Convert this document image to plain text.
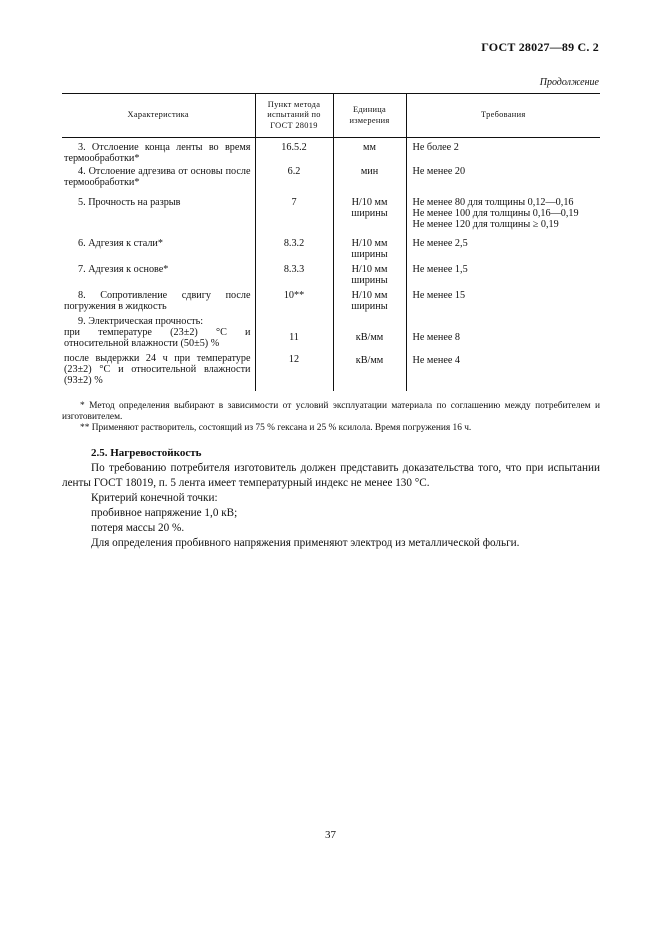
ГОСТ 28027—89 С. 2
Продолжение
Характеристика	Пункт метода испытаний по ГОСТ 28019	Единица измерения	Требования

3. Отслоение конца ленты во время термообработки*	16.5.2	мм	Не более 2

4. Отслоение адгезива от основы после термообработки*	6.2	мин	Не менее 20

5. Прочность на разрыв	7	Н/10 мм ширины	Не менее 80 для толщины 0,12—0,16
Не менее 100 для толщины 0,16—0,19
Не менее 120 для толщины ≥ 0,19

6. Адгезия к стали*	8.3.2	Н/10 мм ширины	Не менее 2,5

7. Адгезия к основе*	8.3.3	Н/10 мм ширины	Не менее 1,5

8. Сопротивление сдвигу после погружения в жидкость	10**	Н/10 мм ширины	Не менее 15

9. Электрическая прочность:			

при температуре (23±2) °С и относительной влажности (50±5) %	11	кВ/мм	Не менее 8

после выдержки 24 ч при температуре (23±2) °С и относительной влажности (93±2) %	12	кВ/мм	Не менее 4

* Метод определения выбирают в зависимости от условий эксплуатации материала по соглашению между потребителем и изготовителем.

** Применяют растворитель, состоящий из 75 % гексана и 25 % ксилола. Время погружения 16 ч.

2.5. Нагревостойкость

По требованию потребителя изготовитель должен представить доказательства того, что при испытании ленты ГОСТ 18019, п. 5 лента имеет температурный индекс не менее 130 °С.

Критерий конечной точки:

пробивное напряжение 1,0 кВ;

потеря массы 20 %.

Для определения пробивного напряжения применяют электрод из металлической фольги.

37
